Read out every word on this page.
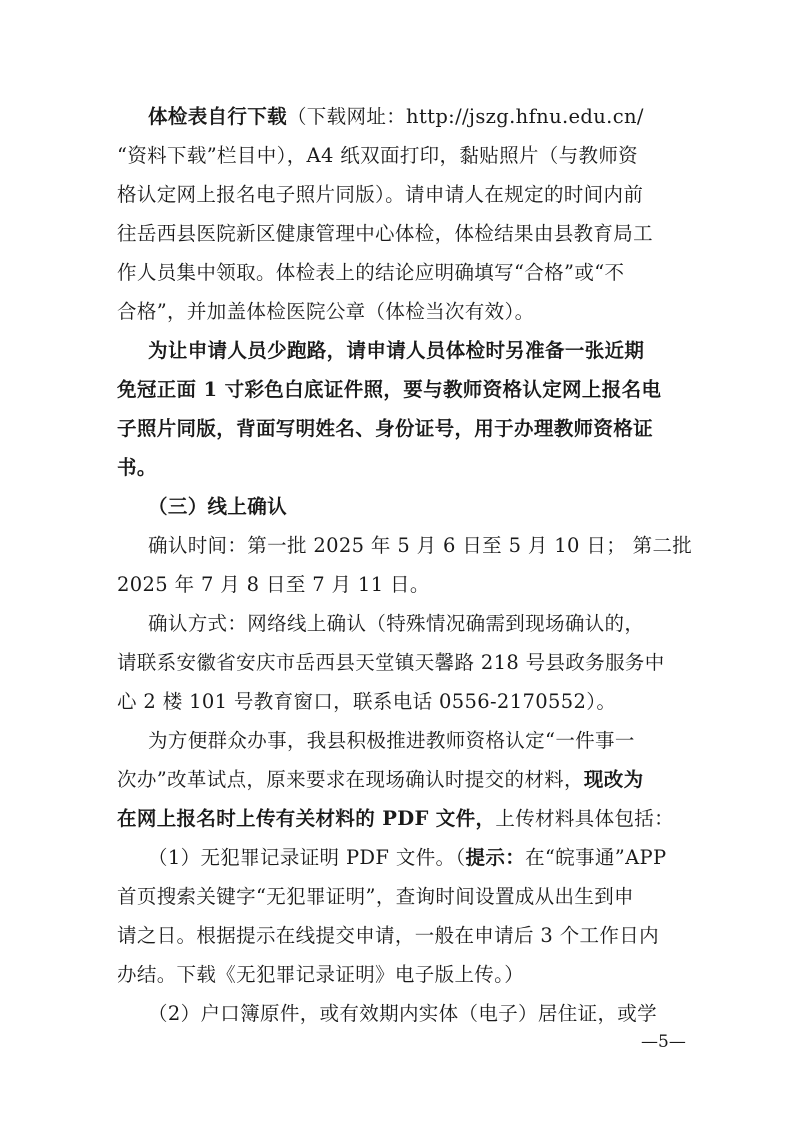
体检表自行下载（下载网址：http://jszg.hfnu.edu.cn/
“资料下载”栏目中），A4 纸双面打印，黏贴照片（与教师资
格认定网上报名电子照片同版）。请申请人在规定的时间内前
往岳西县医院新区健康管理中心体检，体检结果由县教育局工
作人员集中领取。体检表上的结论应明确填写“合格”或“不
合格”，并加盖体检医院公章（体检当次有效）。
为让申请人员少跑路，请申请人员体检时另准备一张近期
免冠正面 1 寸彩色白底证件照，要与教师资格认定网上报名电
子照片同版，背面写明姓名、身份证号，用于办理教师资格证
书。
（三）线上确认
确认时间：第一批 2025 年 5 月 6 日至 5 月 10 日； 第二批
2025 年 7 月 8 日至 7 月 11 日。
确认方式：网络线上确认（特殊情况确需到现场确认的，
请联系安徽省安庆市岳西县天堂镇天馨路 218 号县政务服务中
心 2 楼 101 号教育窗口，联系电话 0556-2170552）。
为方便群众办事，我县积极推进教师资格认定“一件事一
次办”改革试点，原来要求在现场确认时提交的材料，现改为
在网上报名时上传有关材料的 PDF 文件，上传材料具体包括：
（1）无犯罪记录证明 PDF 文件。（提示：在“皖事通”APP
首页搜索关键字“无犯罪证明”，查询时间设置成从出生到申
请之日。根据提示在线提交申请，一般在申请后 3 个工作日内
办结。下载《无犯罪记录证明》电子版上传。）
（2）户口簿原件，或有效期内实体（电子）居住证，或学
—5—
